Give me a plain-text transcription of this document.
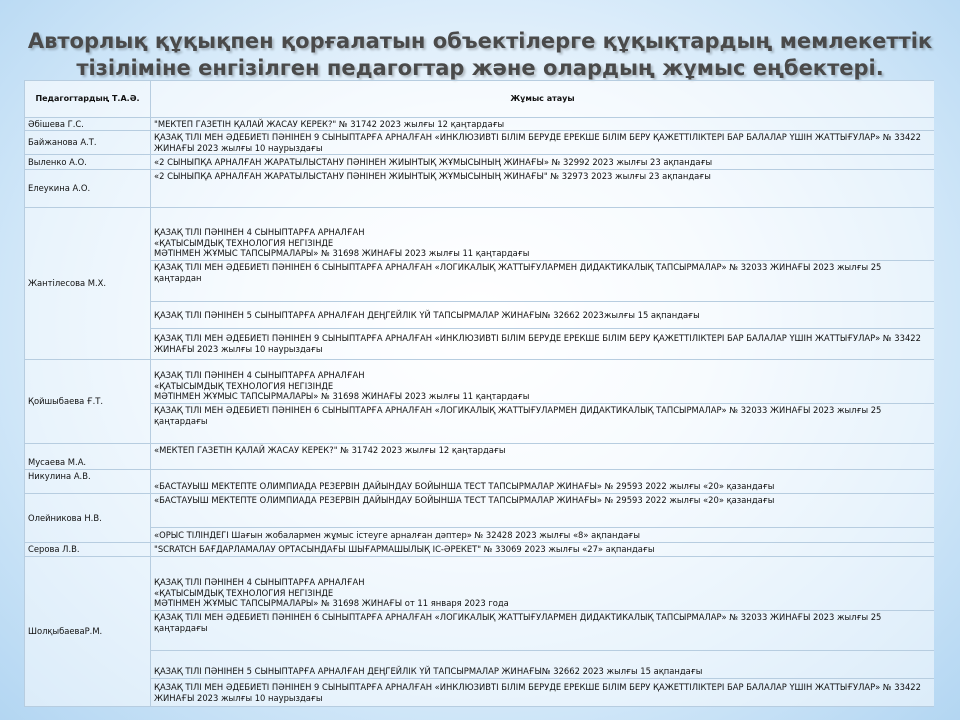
Авторлық құқықпен қорғалатын объектілерге құқықтардың мемлекеттік
тізіліміне енгізілген педагогтар және олардың жұмыс еңбектері.
Педагогтардың Т.А.Ә.	Жұмыс атауы
Әбішева Г.С.	"МЕКТЕП ГАЗЕТІН ҚАЛАЙ ЖАСАУ КЕРЕК?" № 31742 2023 жылғы 12 қаңтардағы
Байжанова А.Т.	ҚАЗАҚ ТІЛІ МЕН ӘДЕБИЕТІ ПӘНІНЕН 9 СЫНЫПТАРҒА АРНАЛҒАН «ИНКЛЮЗИВТІ БІЛІМ БЕРУДЕ ЕРЕКШЕ БІЛІМ БЕРУ ҚАЖЕТТІЛІКТЕРІ БАР БАЛАЛАР ҮШІН ЖАТТЫҒУЛАР» № 33422 ЖИНАҒЫ 2023 жылғы 10 наурыздағы
Выленко А.О.	«2 СЫНЫПҚА АРНАЛҒАН ЖАРАТЫЛЫСТАНУ ПӘНІНЕН ЖИЫНТЫҚ ЖҰМЫСЫНЫҢ ЖИНАҒЫ» № 32992 2023 жылғы 23 ақпандағы
Елеукина А.О.	«2 СЫНЫПҚА АРНАЛҒАН ЖАРАТЫЛЫСТАНУ ПӘНІНЕН ЖИЫНТЫҚ ЖҰМЫСЫНЫҢ ЖИНАҒЫ" № 32973 2023 жылғы 23 ақпандағы
Жантілесова М.Х.	ҚАЗАҚ ТІЛІ ПӘНІНЕН 4 СЫНЫПТАРҒА АРНАЛҒАН
«ҚАТЫСЫМДЫҚ ТЕХНОЛОГИЯ НЕГІЗІНДЕ
МӘТІНМЕН ЖҰМЫС ТАПСЫРМАЛАРЫ» № 31698 ЖИНАҒЫ 2023 жылғы 11 қаңтардағы
	ҚАЗАҚ ТІЛІ МЕН ӘДЕБИЕТІ ПӘНІНЕН 6 СЫНЫПТАРҒА АРНАЛҒАН «ЛОГИКАЛЫҚ ЖАТТЫҒУЛАРМЕН ДИДАКТИКАЛЫҚ ТАПСЫРМАЛАР» № 32033 ЖИНАҒЫ 2023 жылғы 25 қаңтардан
	ҚАЗАҚ ТІЛІ ПӘНІНЕН 5 СЫНЫПТАРҒА АРНАЛҒАН ДЕҢГЕЙЛІК ҮЙ ТАПСЫРМАЛАР ЖИНАҒЫ№ 32662 2023жылғы 15 ақпандағы
	ҚАЗАҚ ТІЛІ МЕН ӘДЕБИЕТІ ПӘНІНЕН 9 СЫНЫПТАРҒА АРНАЛҒАН «ИНКЛЮЗИВТІ БІЛІМ БЕРУДЕ ЕРЕКШЕ БІЛІМ БЕРУ ҚАЖЕТТІЛІКТЕРІ БАР БАЛАЛАР ҮШІН ЖАТТЫҒУЛАР» № 33422 ЖИНАҒЫ 2023 жылғы 10 наурыздағы
Қойшыбаева Ғ.Т.	ҚАЗАҚ ТІЛІ ПӘНІНЕН 4 СЫНЫПТАРҒА АРНАЛҒАН
«ҚАТЫСЫМДЫҚ ТЕХНОЛОГИЯ НЕГІЗІНДЕ
МӘТІНМЕН ЖҰМЫС ТАПСЫРМАЛАРЫ» № 31698 ЖИНАҒЫ 2023 жылғы 11 қаңтардағы
	ҚАЗАҚ ТІЛІ МЕН ӘДЕБИЕТІ ПӘНІНЕН 6 СЫНЫПТАРҒА АРНАЛҒАН «ЛОГИКАЛЫҚ ЖАТТЫҒУЛАРМЕН ДИДАКТИКАЛЫҚ ТАПСЫРМАЛАР» № 32033 ЖИНАҒЫ 2023 жылғы 25 қаңтардағы
Мусаева М.А.	«МЕКТЕП ГАЗЕТІН ҚАЛАЙ ЖАСАУ КЕРЕК?" № 31742 2023 жылғы 12 қаңтардағы
Никулина А.В.	«БАСТАУЫШ МЕКТЕПТЕ ОЛИМПИАДА РЕЗЕРВІН ДАЙЫНДАУ БОЙЫНША ТЕСТ ТАПСЫРМАЛАР ЖИНАҒЫ» № 29593 2022 жылғы «20» қазандағы
Олейникова Н.В.	«БАСТАУЫШ МЕКТЕПТЕ ОЛИМПИАДА РЕЗЕРВІН ДАЙЫНДАУ БОЙЫНША ТЕСТ ТАПСЫРМАЛАР ЖИНАҒЫ» № 29593 2022 жылғы «20» қазандағы
	«ОРЫС ТІЛІНДЕГІ Шағын жобалармен жұмыс істеуге арналған дәптер» № 32428 2023 жылғы «8» ақпандағы
Серова Л.В.	"SCRATCH БАҒДАРЛАМАЛАУ ОРТАСЫНДАҒЫ ШЫҒАРМАШЫЛЫҚ ІС-ӘРЕКЕТ" № 33069 2023 жылғы «27» ақпандағы
ШолқыбаеваР.М.	ҚАЗАҚ ТІЛІ ПӘНІНЕН 4 СЫНЫПТАРҒА АРНАЛҒАН
«ҚАТЫСЫМДЫҚ ТЕХНОЛОГИЯ НЕГІЗІНДЕ
МӘТІНМЕН ЖҰМЫС ТАПСЫРМАЛАРЫ» № 31698 ЖИНАҒЫ от 11 января 2023 года
	ҚАЗАҚ ТІЛІ МЕН ӘДЕБИЕТІ ПӘНІНЕН 6 СЫНЫПТАРҒА АРНАЛҒАН «ЛОГИКАЛЫҚ ЖАТТЫҒУЛАРМЕН ДИДАКТИКАЛЫҚ ТАПСЫРМАЛАР» № 32033 ЖИНАҒЫ 2023 жылғы 25 қаңтардағы
	ҚАЗАҚ ТІЛІ ПӘНІНЕН 5 СЫНЫПТАРҒА АРНАЛҒАН ДЕҢГЕЙЛІК ҮЙ ТАПСЫРМАЛАР ЖИНАҒЫ№ 32662 2023 жылғы 15 ақпандағы
	ҚАЗАҚ ТІЛІ МЕН ӘДЕБИЕТІ ПӘНІНЕН 9 СЫНЫПТАРҒА АРНАЛҒАН «ИНКЛЮЗИВТІ БІЛІМ БЕРУДЕ ЕРЕКШЕ БІЛІМ БЕРУ ҚАЖЕТТІЛІКТЕРІ БАР БАЛАЛАР ҮШІН ЖАТТЫҒУЛАР» № 33422 ЖИНАҒЫ 2023 жылғы 10 наурыздағы
